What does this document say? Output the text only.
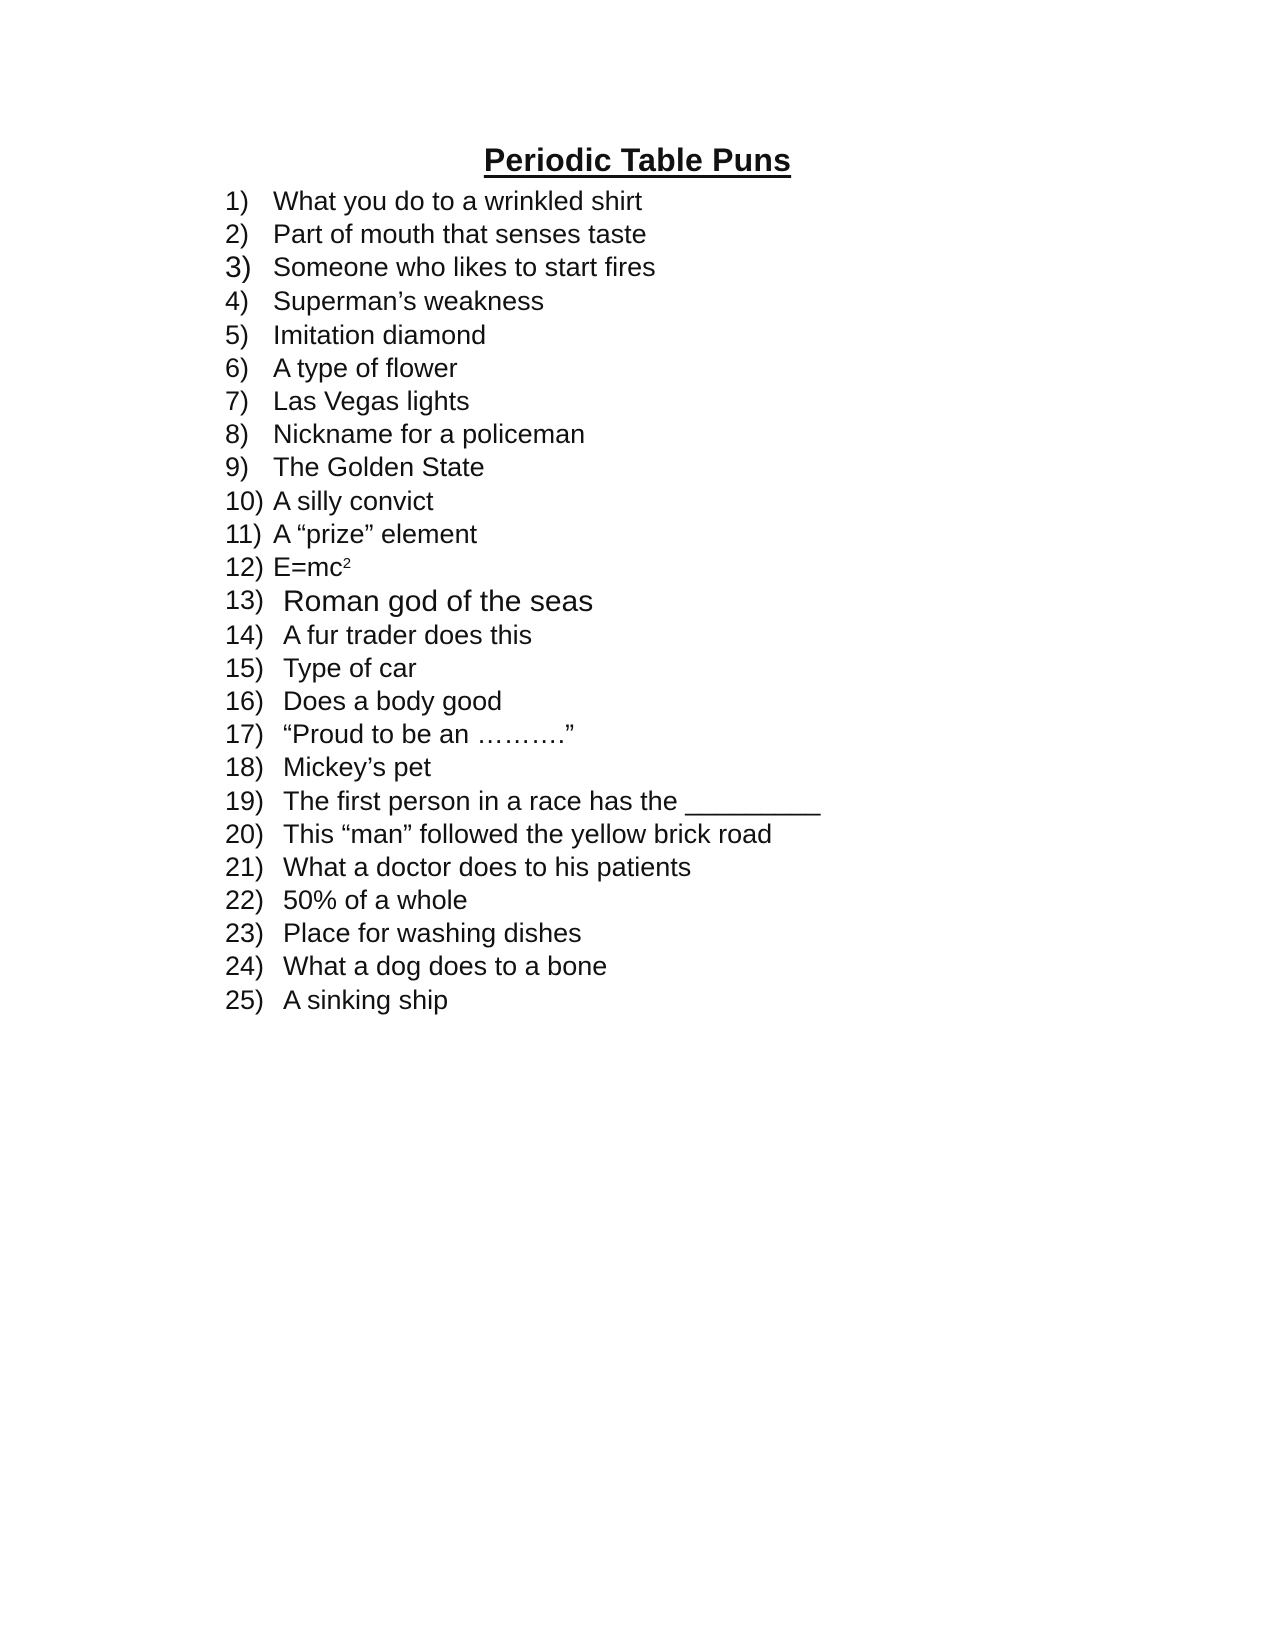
Periodic Table Puns
1) What you do to a wrinkled shirt
2) Part of mouth that senses taste
3) Someone who likes to start fires
4) Superman’s weakness
5) Imitation diamond
6) A type of flower
7) Las Vegas lights
8) Nickname for a policeman
9) The Golden State
10) A silly convict
11) A “prize” element
12) $E=mc^2$
13) Roman god of the seas
14) A fur trader does this
15) Type of car
16) Does a body good
17) “Proud to be an ……….”
18) Mickey’s pet
19) The first person in a race has the _________
20) This “man” followed the yellow brick road
21) What a doctor does to his patients
22) 50% of a whole
23) Place for washing dishes
24) What a dog does to a bone
25) A sinking ship
